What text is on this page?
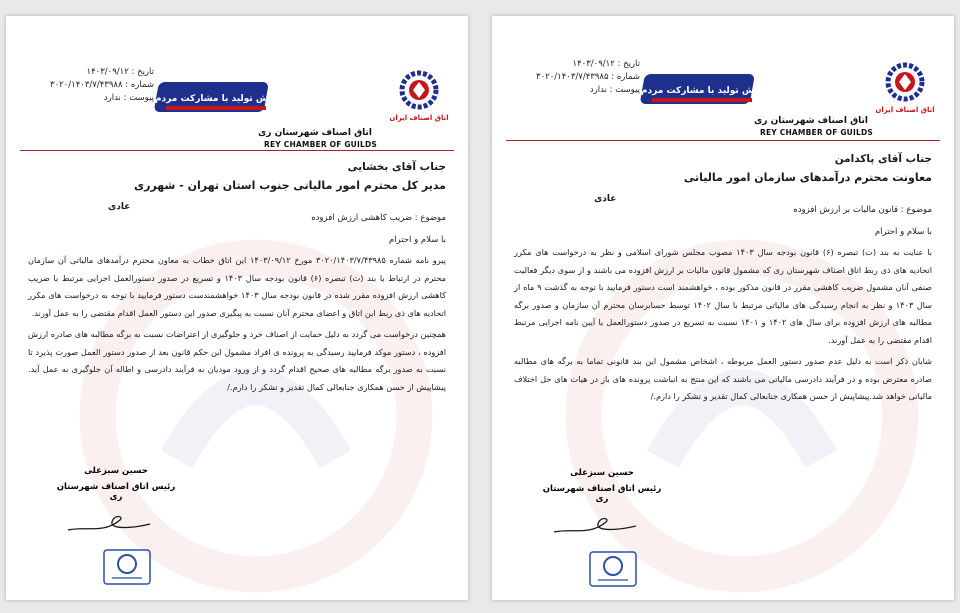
تاریخ : ۱۴۰۳/۰۹/۱۲
شماره : ۳۰۲۰/۱۴۰۳/۷/۴۳۹۸۸
پیوست : ندارد	جهش تولید با مشارکت مردم
اتاق اصناف ایران
اتاق اصناف شهرستان ری
REY CHAMBER OF GUILDS
جناب آقای بخشایی
مدیر کل محترم امور مالیاتی جنوب استان تهران - شهرری
عادی
موضوع : ضریب کاهشی ارزش افزوده
با سلام و احترام
پیرو نامه شماره ۳۰۲۰/۱۴۰۳/۷/۴۳۹۸۵ مورخ ۱۴۰۳/۰۹/۱۲ این اتاق خطاب به معاون محترم درآمدهای مالیاتی آن سازمان محترم در ارتباط با بند (ت) تبصره (۶) قانون بودجه سال ۱۴۰۳ و تسریع در صدور دستورالعمل اجرایی مرتبط با ضریب کاهشی ارزش افزوده مقرر شده در قانون بودجه سال ۱۴۰۳ خواهشمندست دستور فرمایید با توجه به درخواست های مکرر اتحادیه های ذی ربط این اتاق و اعضای محترم آنان نسبت به پیگیری صدور این دستور العمل اقدام مقتضی را به عمل آورند.
همچنین درخواست می گردد به دلیل حمایت از اصناف خرد و جلوگیری از اعتراضات نسبت به برگه مطالبه های صادره ارزش افزوده ، دستور موکد فرمایید رسیدگی به پرونده ی افراد مشمول این حکم قانون بعد از صدور دستور العمل صورت پذیرد تا نسبت به صدور برگه مطالبه های صحیح اقدام گردد و از ورود مودیان به فرآیند دادرسی و اطاله آن جلوگیری به عمل آید. پیشاپیش از حسن همکاری جنابعالی کمال تقدیر و تشکر را دارم./
حسین سبزعلی
رئیس اتاق اصناف شهرستان ری
تاریخ : ۱۴۰۳/۰۹/۱۲
شماره : ۳۰۲۰/۱۴۰۳/۷/۴۳۹۸۵
پیوست : ندارد	جهش تولید با مشارکت مردم
اتاق اصناف ایران
اتاق اصناف شهرستان ری
REY CHAMBER OF GUILDS
جناب آقای پاکدامن
معاونت محترم درآمدهای سازمان امور مالیاتی
عادی
موضوع : قانون مالیات بر ارزش افزوده
با سلام و احترام
با عنایت به بند (ت) تبصره (۶) قانون بودجه سال ۱۴۰۳ مصوب مجلس شورای اسلامی و نظر به درخواست های مکرر اتحادیه های ذی ربط اتاق اصناف شهرستان ری که مشمول قانون مالیات بر ارزش افزوده می باشند و از سوی دیگر فعالیت صنفی آنان مشمول ضریب کاهشی مقرر در قانون مذکور بوده ، خواهشمند است دستور فرمایید با توجه به گذشت ۹ ماه از سال ۱۴۰۳ و نظر به انجام رسیدگی های مالیاتی مرتبط با سال ۱۴۰۲ توسط حسابرسان محترم آن سازمان و صدور برگه مطالبه های ارزش افزوده برای سال های ۱۴۰۲ و ۱۴۰۱ نسبت به تسریع در صدور دستورالعمل یا آیین نامه اجرایی مرتبط اقدام مقتضی را به عمل آورند.
شایان ذکر است به دلیل عدم صدور دستور العمل مربوطه ، اشخاص مشمول این بند قانونی تماما به برگه های مطالبه صادره معترض بوده و در فرآیند دادرسی مالیاتی می باشند که این منتج به انباشت پرونده های باز در هیات های حل اختلاف مالیاتی خواهد شد.پیشاپیش از حسن همکاری جنابعالی کمال تقدیر و تشکر را دارم./
حسین سبزعلی
رئیس اتاق اصناف شهرستان ری
